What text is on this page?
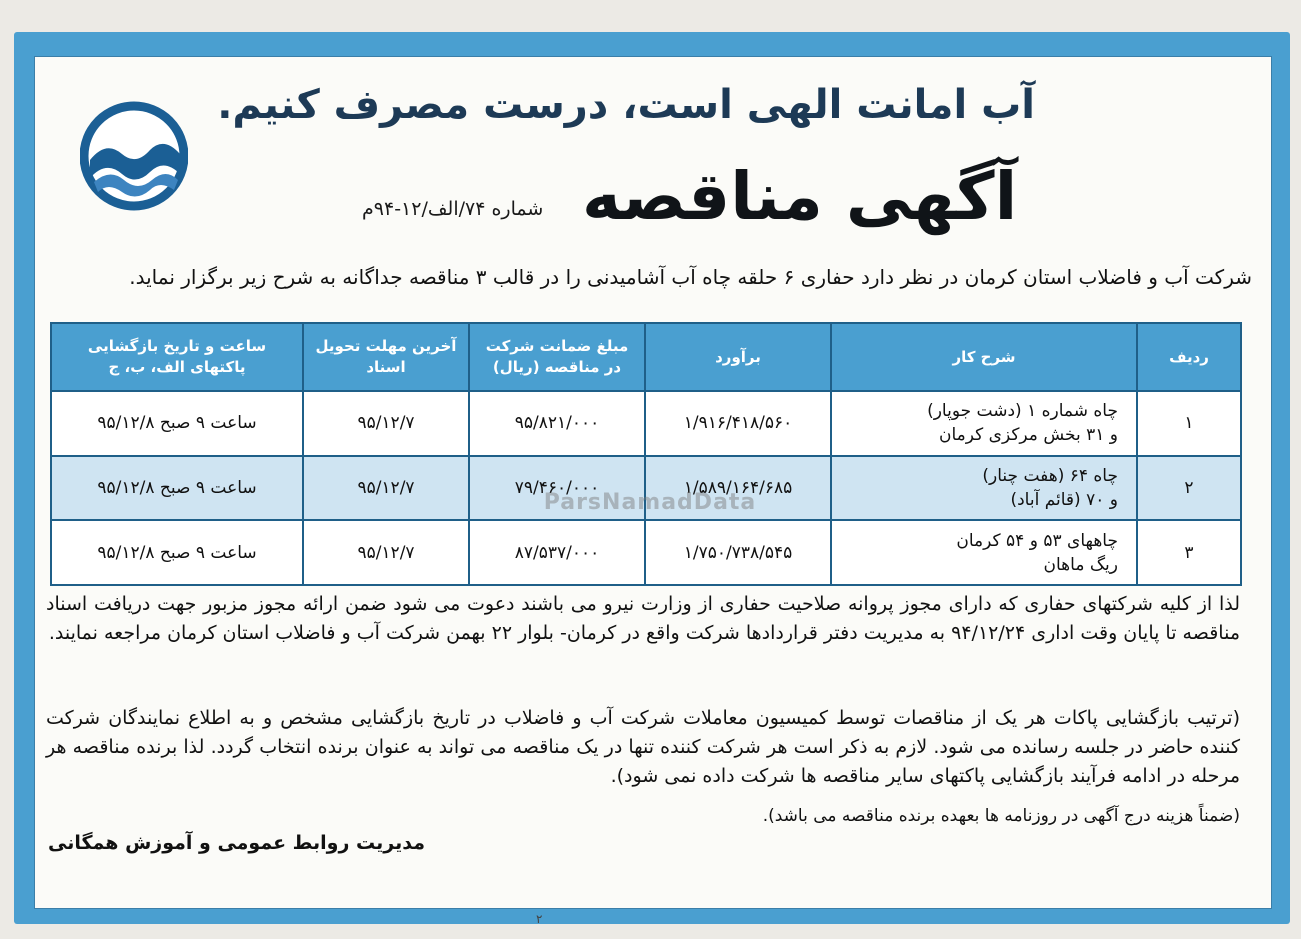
آب امانت الهی است، درست مصرف کنیم.
آگهی مناقصه
شماره ۷۴/الف/۱۲-۹۴م
شرکت آب و فاضلاب استان کرمان در نظر دارد حفاری ۶ حلقه چاه آب آشامیدنی را در قالب ۳ مناقصه جداگانه به شرح زیر برگزار نماید.
ردیف	شرح کار	برآورد	مبلغ ضمانت شرکت در مناقصه (ریال)	آخرین مهلت تحویل اسناد	ساعت و تاریخ بازگشایی پاکتهای الف، ب، ج
۱	چاه شماره ۱ (دشت جوپار)
و ۳۱ بخش مرکزی کرمان	۱/۹۱۶/۴۱۸/۵۶۰	۹۵/۸۲۱/۰۰۰	۹۵/۱۲/۷	ساعت ۹ صبح ۹۵/۱۲/۸
۲	چاه ۶۴ (هفت چنار)
و ۷۰ (قائم آباد)	۱/۵۸۹/۱۶۴/۶۸۵	۷۹/۴۶۰/۰۰۰	۹۵/۱۲/۷	ساعت ۹ صبح ۹۵/۱۲/۸
۳	چاههای ۵۳ و ۵۴ کرمان
ریگ ماهان	۱/۷۵۰/۷۳۸/۵۴۵	۸۷/۵۳۷/۰۰۰	۹۵/۱۲/۷	ساعت ۹ صبح ۹۵/۱۲/۸
ParsNamadData
لذا از کلیه شرکتهای حفاری که دارای مجوز پروانه صلاحیت حفاری از وزارت نیرو می باشند دعوت می شود ضمن ارائه مجوز مزبور جهت دریافت اسناد مناقصه تا پایان وقت اداری ۹۴/۱۲/۲۴ به مدیریت دفتر قراردادها شرکت واقع در کرمان- بلوار ۲۲ بهمن شرکت آب و فاضلاب استان کرمان مراجعه نمایند.
(ترتیب بازگشایی پاکات هر یک از مناقصات توسط کمیسیون معاملات شرکت آب و فاضلاب در تاریخ بازگشایی مشخص و به اطلاع نمایندگان شرکت کننده حاضر در جلسه رسانده می شود. لازم به ذکر است هر شرکت کننده تنها در یک مناقصه می تواند به عنوان برنده انتخاب گردد. لذا برنده مناقصه هر مرحله در ادامه فرآیند بازگشایی پاکتهای سایر مناقصه ها شرکت داده نمی شود).
(ضمناً هزینه درج آگهی در روزنامه ها بعهده برنده مناقصه می باشد).
مدیریت روابط عمومی و آموزش همگانی
۲
